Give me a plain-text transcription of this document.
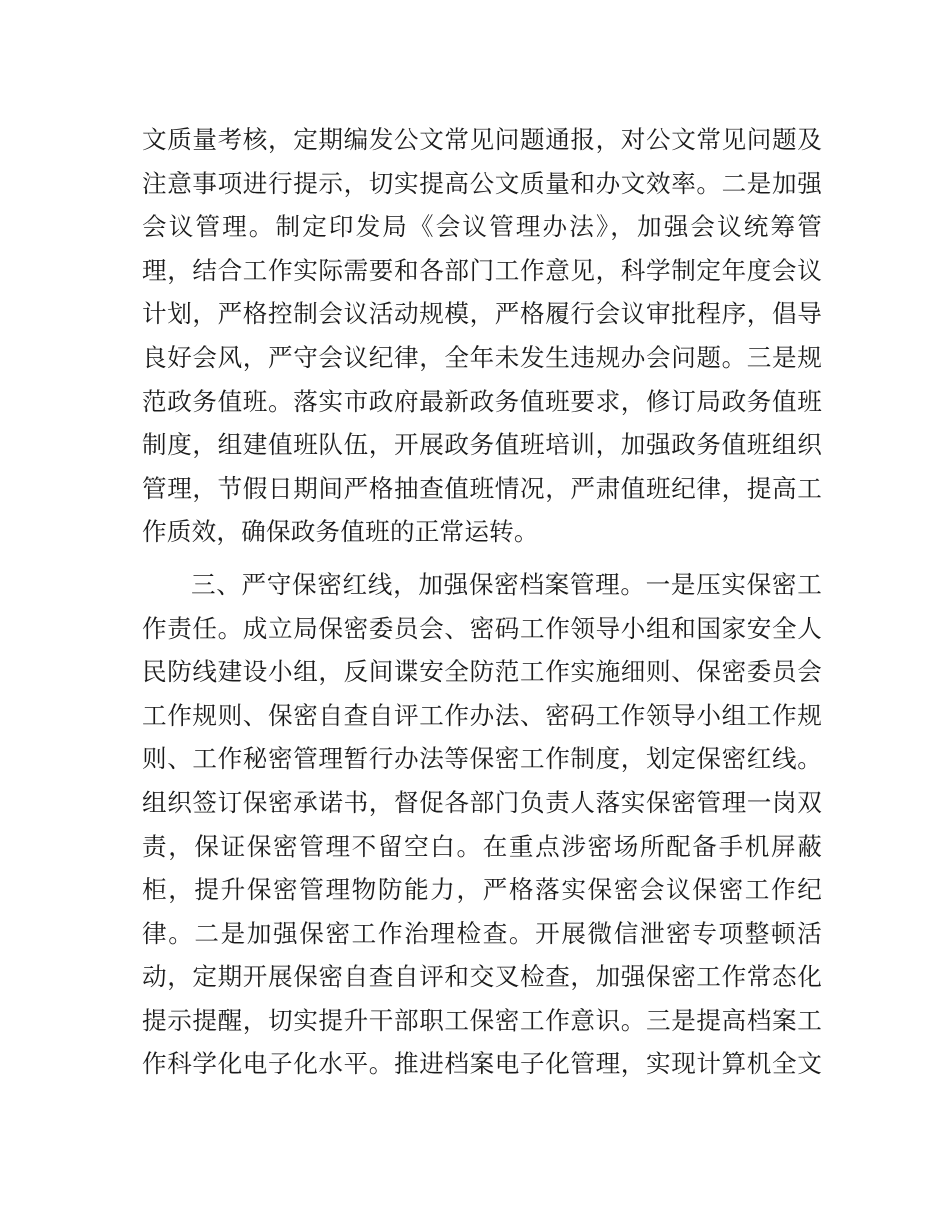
文质量考核，定期编发公文常见问题通报，对公文常见问题及
注意事项进行提示，切实提高公文质量和办文效率。二是加强
会议管理。制定印发局《会议管理办法》，加强会议统筹管
理，结合工作实际需要和各部门工作意见，科学制定年度会议
计划，严格控制会议活动规模，严格履行会议审批程序，倡导
良好会风，严守会议纪律，全年未发生违规办会问题。三是规
范政务值班。落实市政府最新政务值班要求，修订局政务值班
制度，组建值班队伍，开展政务值班培训，加强政务值班组织
管理，节假日期间严格抽查值班情况，严肃值班纪律，提高工
作质效，确保政务值班的正常运转。
三、严守保密红线，加强保密档案管理。一是压实保密工
作责任。成立局保密委员会、密码工作领导小组和国家安全人
民防线建设小组，反间谍安全防范工作实施细则、保密委员会
工作规则、保密自查自评工作办法、密码工作领导小组工作规
则、工作秘密管理暂行办法等保密工作制度，划定保密红线。
组织签订保密承诺书，督促各部门负责人落实保密管理一岗双
责，保证保密管理不留空白。在重点涉密场所配备手机屏蔽
柜，提升保密管理物防能力，严格落实保密会议保密工作纪
律。二是加强保密工作治理检查。开展微信泄密专项整顿活
动，定期开展保密自查自评和交叉检查，加强保密工作常态化
提示提醒，切实提升干部职工保密工作意识。三是提高档案工
作科学化电子化水平。推进档案电子化管理，实现计算机全文
